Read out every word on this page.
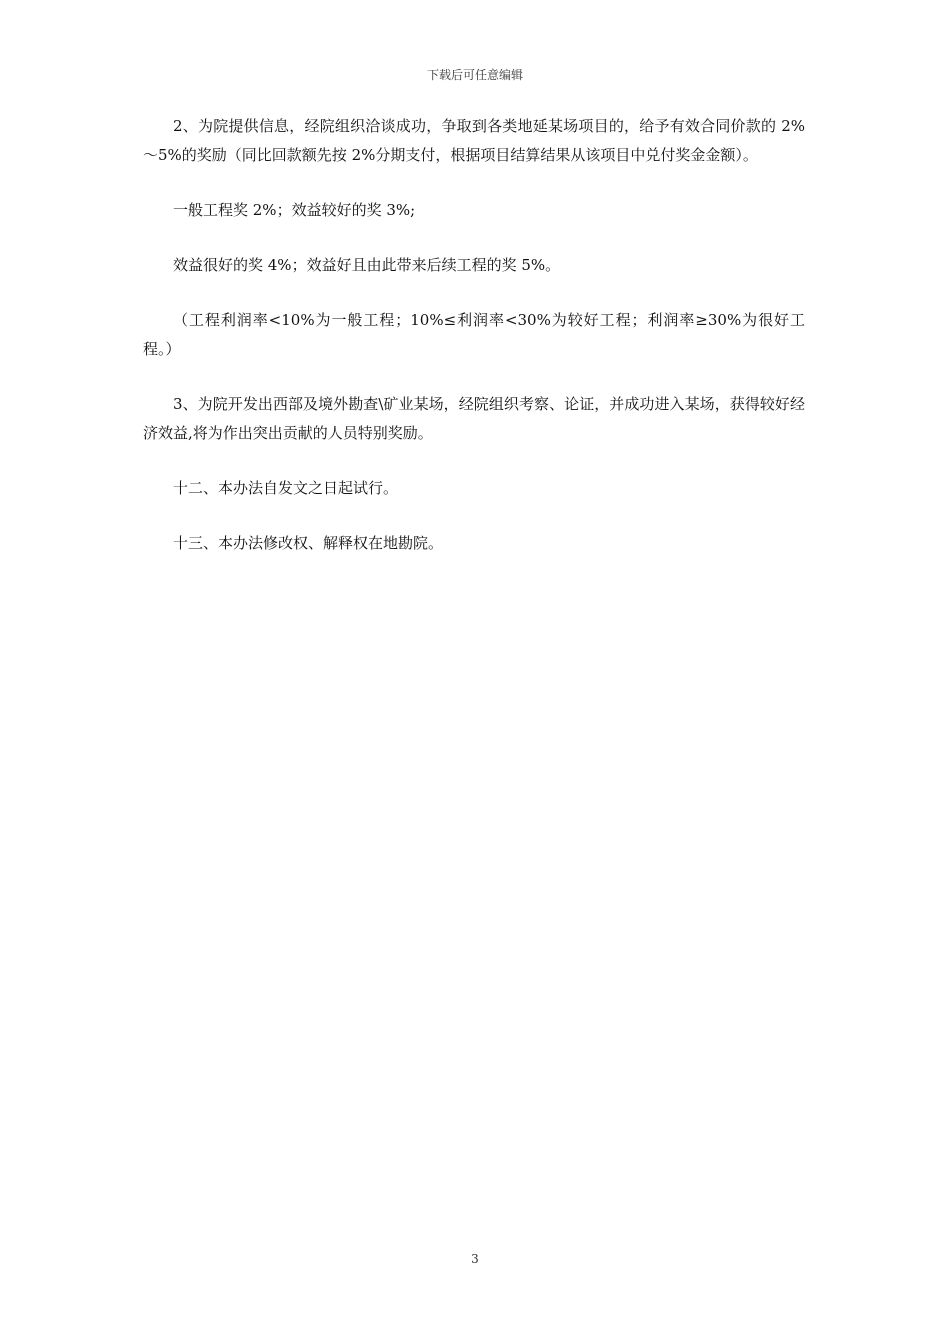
下载后可任意编辑

2、为院提供信息，经院组织洽谈成功，争取到各类地延某场项目的，给予有效合同价款的 2%～5%的奖励（同比回款额先按 2%分期支付，根据项目结算结果从该项目中兑付奖金金额）。

一般工程奖 2%；效益较好的奖 3%;

效益很好的奖 4%；效益好且由此带来后续工程的奖 5%。

（工程利润率<10%为一般工程；10%≤利润率<30%为较好工程；利润率≥30%为很好工程。）

3、为院开发出西部及境外勘查\矿业某场，经院组织考察、论证，并成功进入某场，获得较好经济效益,将为作出突出贡献的人员特别奖励。

十二、本办法自发文之日起试行。

十三、本办法修改权、解释权在地勘院。

3
